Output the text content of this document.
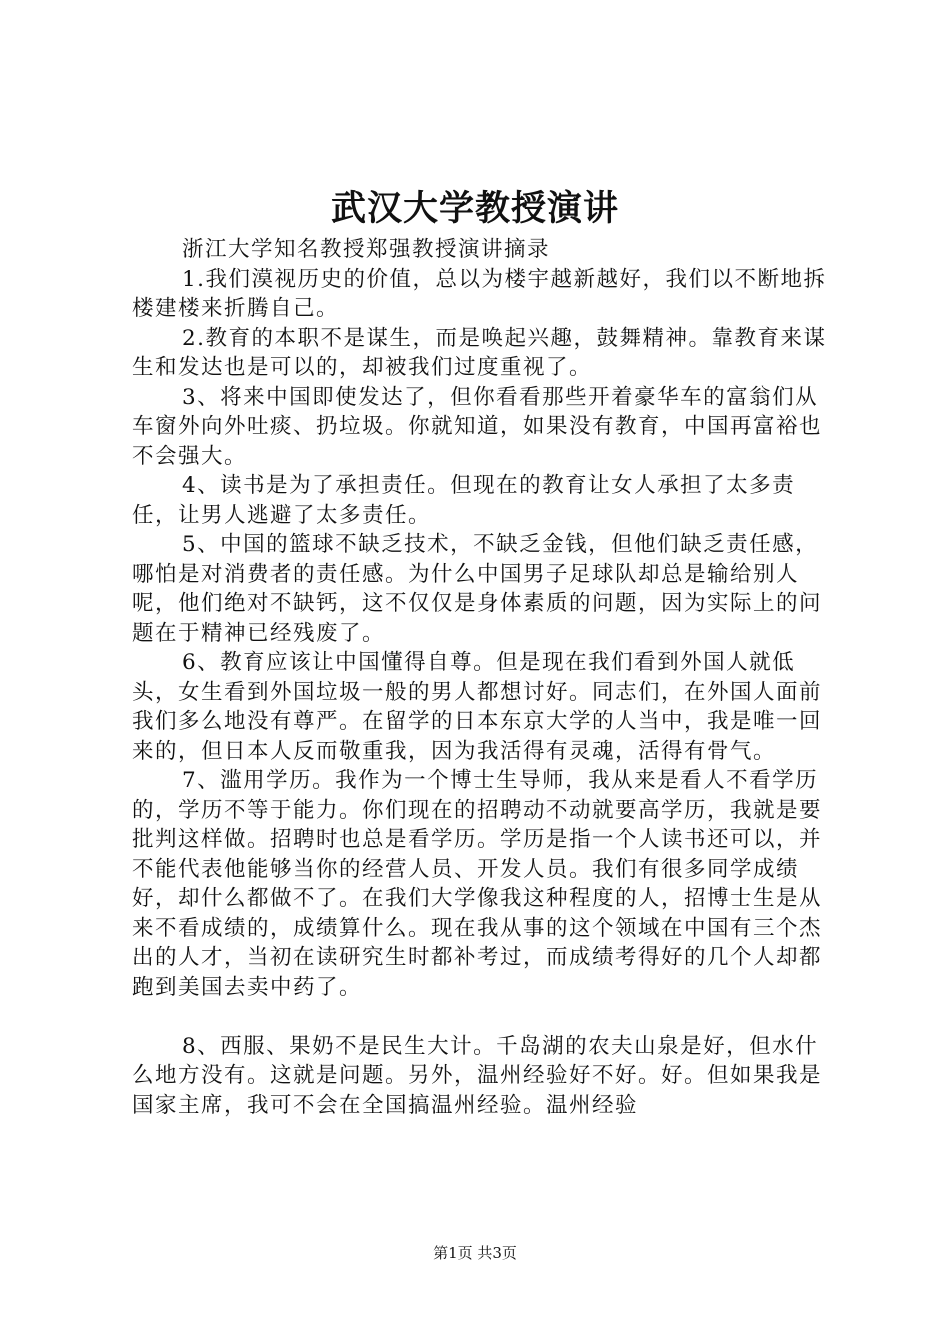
武汉大学教授演讲

浙江大学知名教授郑强教授演讲摘录

1.我们漠视历史的价值，总以为楼宇越新越好，我们以不断地拆楼建楼来折腾自己。

2.教育的本职不是谋生，而是唤起兴趣，鼓舞精神。靠教育来谋生和发达也是可以的，却被我们过度重视了。

3、将来中国即使发达了，但你看看那些开着豪华车的富翁们从车窗外向外吐痰、扔垃圾。你就知道，如果没有教育，中国再富裕也不会强大。

4、读书是为了承担责任。但现在的教育让女人承担了太多责任，让男人逃避了太多责任。

5、中国的篮球不缺乏技术，不缺乏金钱，但他们缺乏责任感，哪怕是对消费者的责任感。为什么中国男子足球队却总是输给别人呢，他们绝对不缺钙，这不仅仅是身体素质的问题，因为实际上的问题在于精神已经残废了。

6、教育应该让中国懂得自尊。但是现在我们看到外国人就低头，女生看到外国垃圾一般的男人都想讨好。同志们，在外国人面前我们多么地没有尊严。在留学的日本东京大学的人当中，我是唯一回来的，但日本人反而敬重我，因为我活得有灵魂，活得有骨气。

7、滥用学历。我作为一个博士生导师，我从来是看人不看学历的，学历不等于能力。你们现在的招聘动不动就要高学历，我就是要批判这样做。招聘时也总是看学历。学历是指一个人读书还可以，并不能代表他能够当你的经营人员、开发人员。我们有很多同学成绩好，却什么都做不了。在我们大学像我这种程度的人，招博士生是从来不看成绩的，成绩算什么。现在我从事的这个领域在中国有三个杰出的人才，当初在读研究生时都补考过，而成绩考得好的几个人却都跑到美国去卖中药了。

8、西服、果奶不是民生大计。千岛湖的农夫山泉是好，但水什么地方没有。这就是问题。另外，温州经验好不好。好。但如果我是国家主席，我可不会在全国搞温州经验。温州经验

第1页 共3页
